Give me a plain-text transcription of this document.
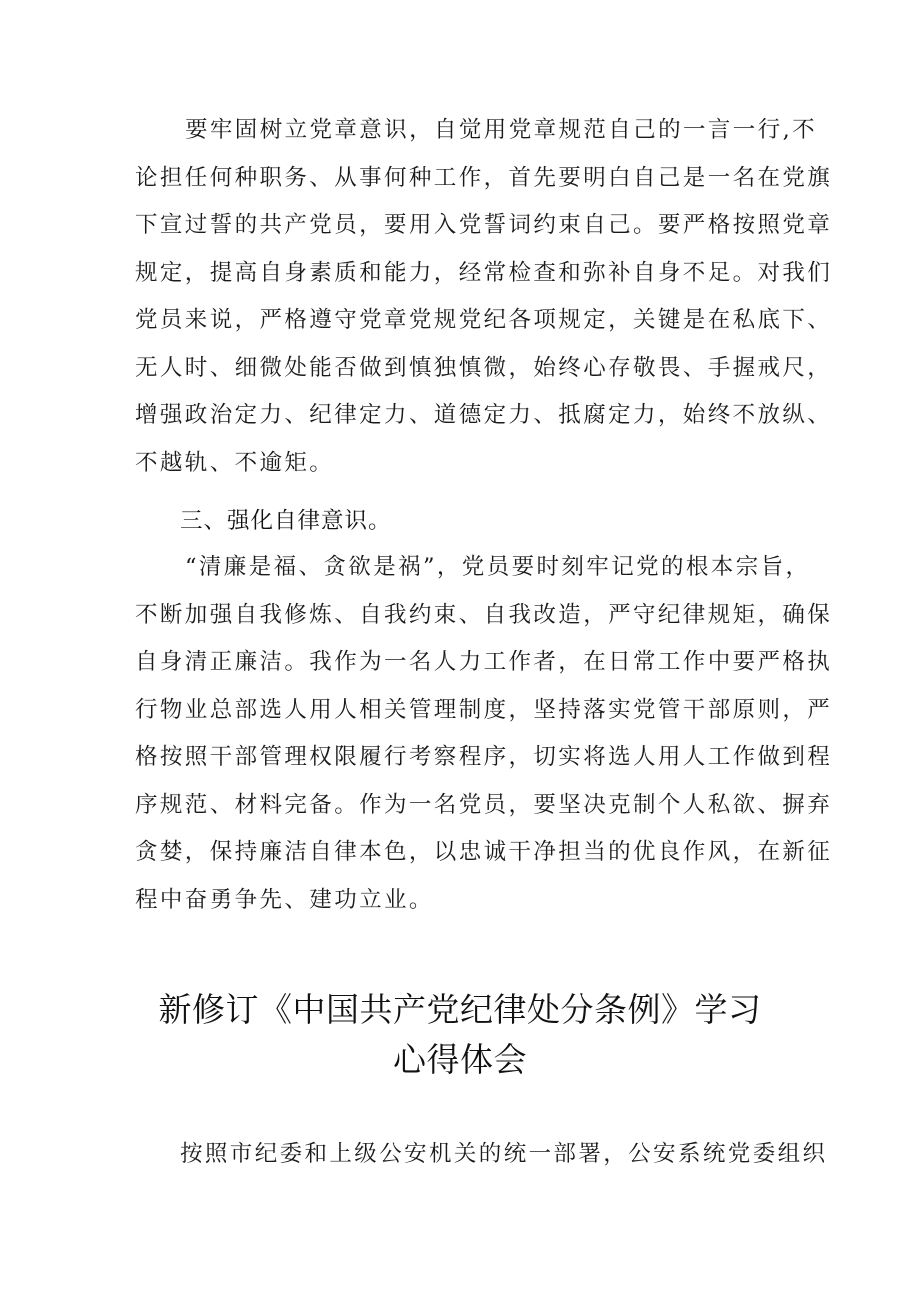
要牢固树立党章意识，自觉用党章规范自己的一言一行,不
论担任何种职务、从事何种工作，首先要明白自己是一名在党旗
下宣过誓的共产党员，要用入党誓词约束自己。要严格按照党章
规定，提高自身素质和能力，经常检查和弥补自身不足。对我们
党员来说，严格遵守党章党规党纪各项规定，关键是在私底下、
无人时、细微处能否做到慎独慎微，始终心存敬畏、手握戒尺，
增强政治定力、纪律定力、道德定力、抵腐定力，始终不放纵、
不越轨、不逾矩。
三、强化自律意识。
“清廉是福、贪欲是祸”，党员要时刻牢记党的根本宗旨，
不断加强自我修炼、自我约束、自我改造，严守纪律规矩，确保
自身清正廉洁。我作为一名人力工作者，在日常工作中要严格执
行物业总部选人用人相关管理制度，坚持落实党管干部原则，严
格按照干部管理权限履行考察程序，切实将选人用人工作做到程
序规范、材料完备。作为一名党员，要坚决克制个人私欲、摒弃
贪婪，保持廉洁自律本色，以忠诚干净担当的优良作风，在新征
程中奋勇争先、建功立业。
新修订《中国共产党纪律处分条例》学习
心得体会
按照市纪委和上级公安机关的统一部署，公安系统党委组织
